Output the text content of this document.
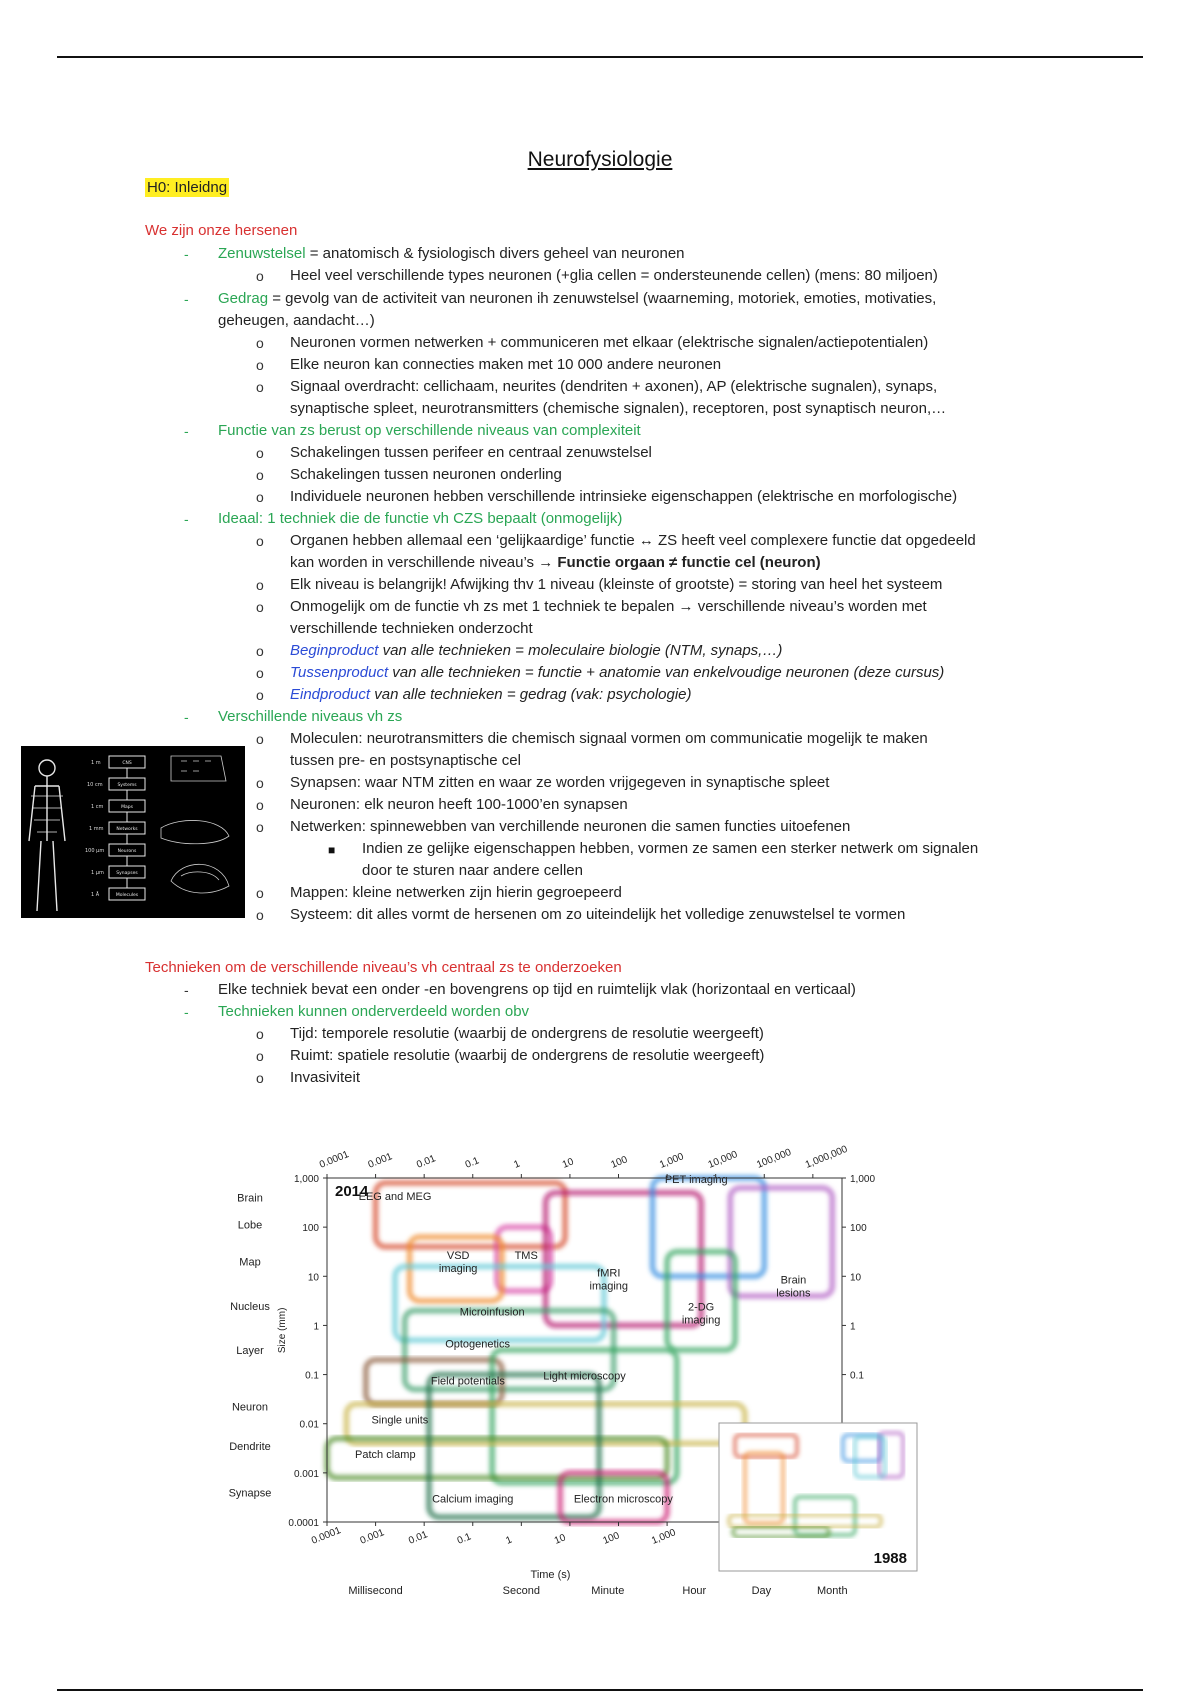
Neurofysiologie
H0: Inleidng
We zijn onze hersenen
- Zenuwstelsel = anatomisch & fysiologisch divers geheel van neuronen
o Heel veel verschillende types neuronen (+glia cellen = ondersteunende cellen) (mens: 80 miljoen)
- Gedrag = gevolg van de activiteit van neuronen ih zenuwstelsel (waarneming, motoriek, emoties, motivaties,
geheugen, aandacht…)
o Neuronen vormen netwerken + communiceren met elkaar (elektrische signalen/actiepotentialen)
o Elke neuron kan connecties maken met 10 000 andere neuronen
o Signaal overdracht: cellichaam, neurites (dendriten + axonen), AP (elektrische sugnalen), synaps,
synaptische spleet, neurotransmitters (chemische signalen), receptoren, post synaptisch neuron,…
- Functie van zs berust op verschillende niveaus van complexiteit
o Schakelingen tussen perifeer en centraal zenuwstelsel
o Schakelingen tussen neuronen onderling
o Individuele neuronen hebben verschillende intrinsieke eigenschappen (elektrische en morfologische)
- Ideaal: 1 techniek die de functie vh CZS bepaalt (onmogelijk)
o Organen hebben allemaal een ‘gelijkaardige’ functie ↔ ZS heeft veel complexere functie dat opgedeeld
kan worden in verschillende niveau’s → Functie orgaan ≠ functie cel (neuron)
o Elk niveau is belangrijk! Afwijking thv 1 niveau (kleinste of grootste) = storing van heel het systeem
o Onmogelijk om de functie vh zs met 1 techniek te bepalen → verschillende niveau’s worden met
verschillende technieken onderzocht
o Beginproduct van alle technieken = moleculaire biologie (NTM, synaps,…)
o Tussenproduct van alle technieken = functie + anatomie van enkelvoudige neuronen (deze cursus)
o Eindproduct van alle technieken = gedrag (vak: psychologie)
- Verschillende niveaus vh zs
o Moleculen: neurotransmitters die chemisch signaal vormen om communicatie mogelijk te maken
tussen pre- en postsynaptische cel
o Synapsen: waar NTM zitten en waar ze worden vrijgegeven in synaptische spleet
o Neuronen: elk neuron heeft 100-1000’en synapsen
o Netwerken: spinnewebben van verchillende neuronen die samen functies uitoefenen
■ Indien ze gelijke eigenschappen hebben, vormen ze samen een sterker netwerk om signalen
door te sturen naar andere cellen
o Mappen: kleine netwerken zijn hierin gegroepeerd
o Systeem: dit alles vormt de hersenen om zo uiteindelijk het volledige zenuwstelsel te vormen
1 m
10 cm
1 cm
1 mm
100 μm
1 μm
1 Å
CNS
Systems
Maps
Networks
Neurons
Synapses
Molecules
Technieken om de verschillende niveau’s vh centraal zs te onderzoeken
- Elke techniek bevat een onder -en bovengrens op tijd en ruimtelijk vlak (horizontaal en verticaal)
- Technieken kunnen onderverdeeld worden obv
o Tijd: temporele resolutie (waarbij de ondergrens de resolutie weergeeft)
o Ruimt: spatiele resolutie (waarbij de ondergrens de resolutie weergeeft)
o Invasiviteit
EEG and MEG
TMS
VSD imaging	fMRI imaging
PET imaging
Brain lesions
2-DG imaging
Microinfusion
Optogenetics
Field potentials	Light microscopy
Single units
Patch clamp
Calcium imaging	Electron microscopy
1,000
100
10
1
0.1
0.01
0.001
0.0001
1,000
100
10
1
0.1
0.0001 0.001 0.01	0.1	1	10	100	1,000 10,000 100,000 1,000,000
0.0001 0.001 0.01	0.1	1	10	100	1,000
Brain
Lobe
Map
Nucleus
Layer
Neuron
Dendrite
Synapse
Millisecond	Second	Minute	Hour	Day	Month
Size (mm)
Time (s)
2014
1988
